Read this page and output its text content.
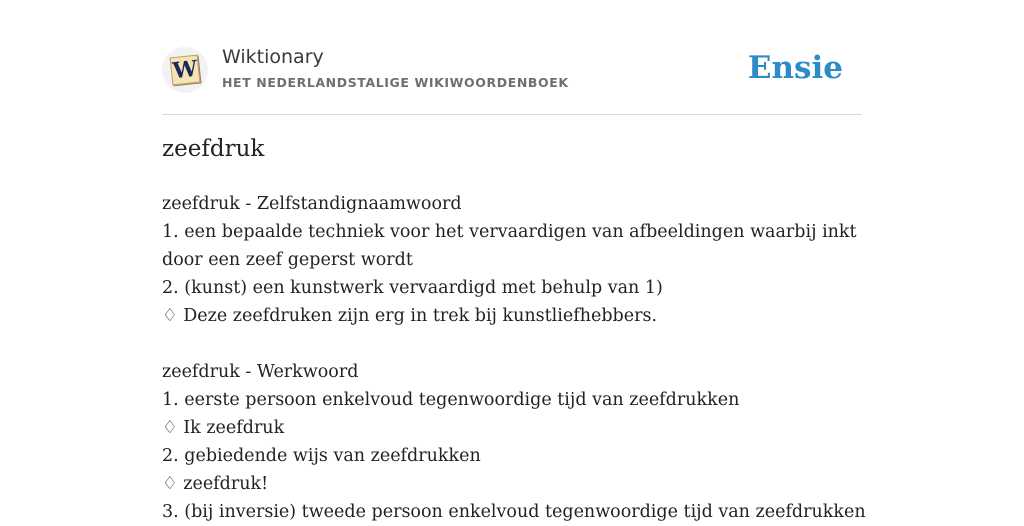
W Wiktionary
HET NEDERLANDSTALIGE WIKIWOORDENBOEK	Ensie
zeefdruk
zeefdruk - Zelfstandignaamwoord
1. een bepaalde techniek voor het vervaardigen van afbeeldingen waarbij inkt door een zeef geperst wordt
2. (kunst) een kunstwerk vervaardigd met behulp van 1)
♢ Deze zeefdruken zijn erg in trek bij kunstliefhebbers.
zeefdruk - Werkwoord
1. eerste persoon enkelvoud tegenwoordige tijd van zeefdrukken
♢ Ik zeefdruk
2. gebiedende wijs van zeefdrukken
♢ zeefdruk!
3. (bij inversie) tweede persoon enkelvoud tegenwoordige tijd van zeefdrukken
